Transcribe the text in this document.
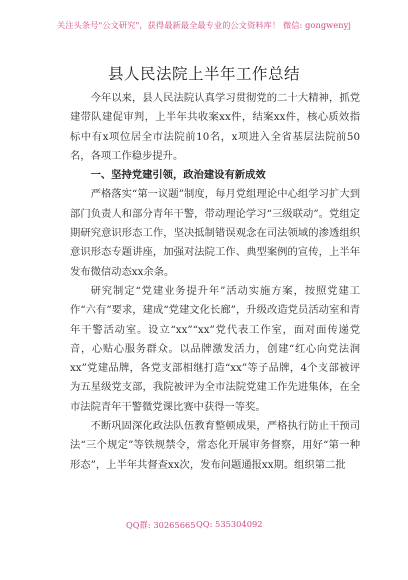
关注头条号"公文研究"，获得最新最全最专业的公文资料库！ 微信: gongwenyj
县人民法院上半年工作总结

今年以来，县人民法院认真学习贯彻党的二十大精神，抓党建带队建促审判，上半年共收案xx件，结案xx件，核心质效指标中有x项位居全市法院前10名，x项进入全省基层法院前50名，各项工作稳步提升。

一、坚持党建引领，政治建设有新成效

严格落实“第一议题”制度，每月党组理论中心组学习扩大到部门负责人和部分青年干警，带动理论学习“三级联动”。党组定期研究意识形态工作，坚决抵制错误观念在司法领域的渗透组织意识形态专题讲座，加强对法院工作、典型案例的宣传，上半年发布微信动态xx余条。

研究制定“党建业务提升年”活动实施方案，按照党建工作“六有”要求，建成“党建文化长廊”，升级改造党员活动室和青年干警活动室。设立“xx”“xx”党代表工作室，面对面传递党音，心贴心服务群众。以品牌激发活力，创建“红心向党法润xx”党建品牌，各党支部相继打造“xx”等子品牌，4个支部被评为五星级党支部，我院被评为全市法院党建工作先进集体，在全市法院青年干警微党课比赛中获得一等奖。

不断巩固深化政法队伍教育整顿成果，严格执行防止干预司法“三个规定”等铁规禁令，常态化开展审务督察，用好“第一种形态”，上半年共督查xx次，发布问题通报xx期。组织第二批

QQ群: 30265665 QQ: 535304092
